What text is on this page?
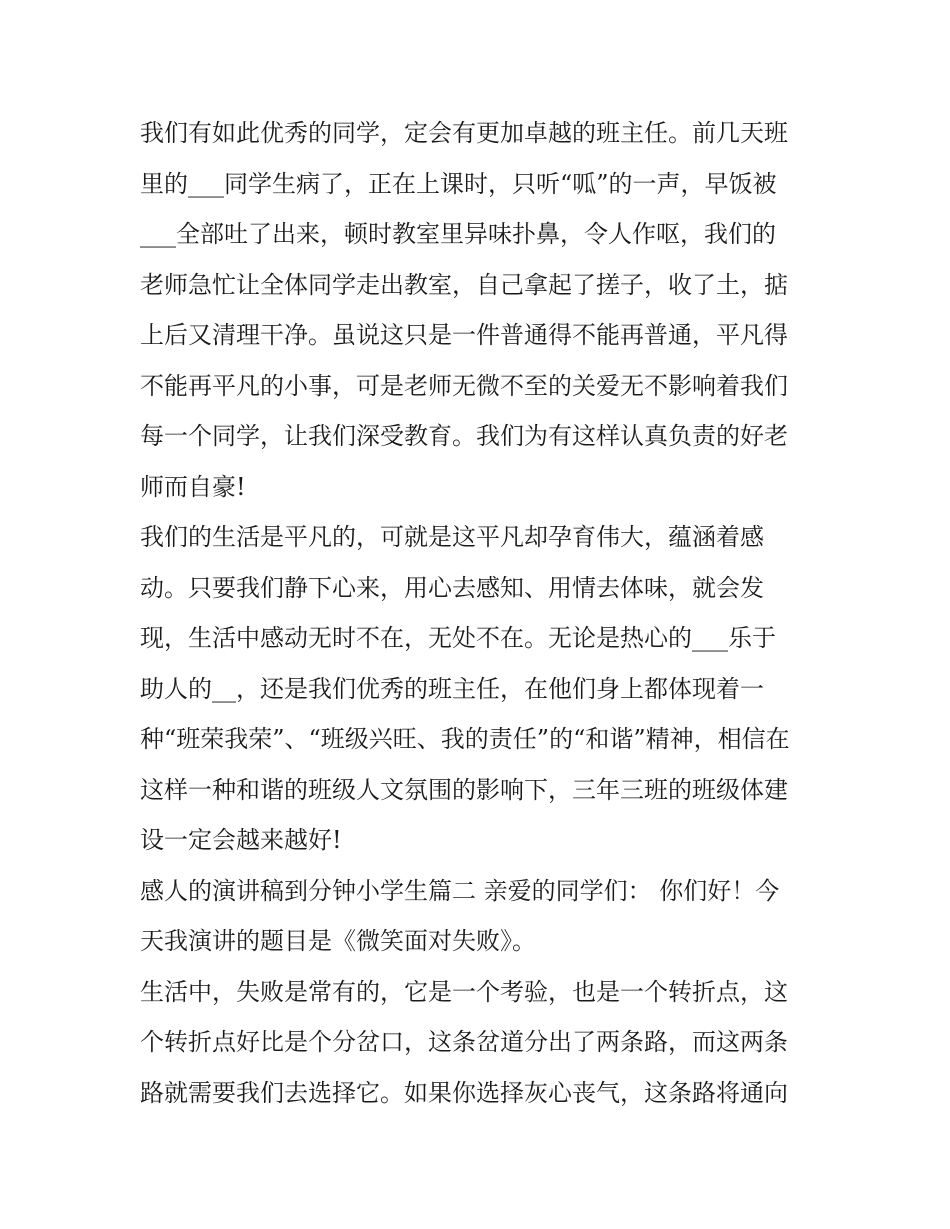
我们有如此优秀的同学，定会有更加卓越的班主任。前几天班
里的___同学生病了，正在上课时，只听“呱”的一声，早饭被
___全部吐了出来，顿时教室里异味扑鼻，令人作呕，我们的
老师急忙让全体同学走出教室，自己拿起了搓子，收了土，掂
上后又清理干净。虽说这只是一件普通得不能再普通，平凡得
不能再平凡的小事，可是老师无微不至的关爱无不影响着我们
每一个同学，让我们深受教育。我们为有这样认真负责的好老
师而自豪!
我们的生活是平凡的，可就是这平凡却孕育伟大，蕴涵着感
动。只要我们静下心来，用心去感知、用情去体味，就会发
现，生活中感动无时不在，无处不在。无论是热心的___乐于
助人的__，还是我们优秀的班主任，在他们身上都体现着一
种“班荣我荣”、“班级兴旺、我的责任”的“和谐”精神，相信在
这样一种和谐的班级人文氛围的影响下，三年三班的班级体建
设一定会越来越好!
感人的演讲稿到分钟小学生篇二 亲爱的同学们： 你们好！今
天我演讲的题目是《微笑面对失败》。
生活中，失败是常有的，它是一个考验，也是一个转折点，这
个转折点好比是个分岔口，这条岔道分出了两条路，而这两条
路就需要我们去选择它。如果你选择灰心丧气，这条路将通向
